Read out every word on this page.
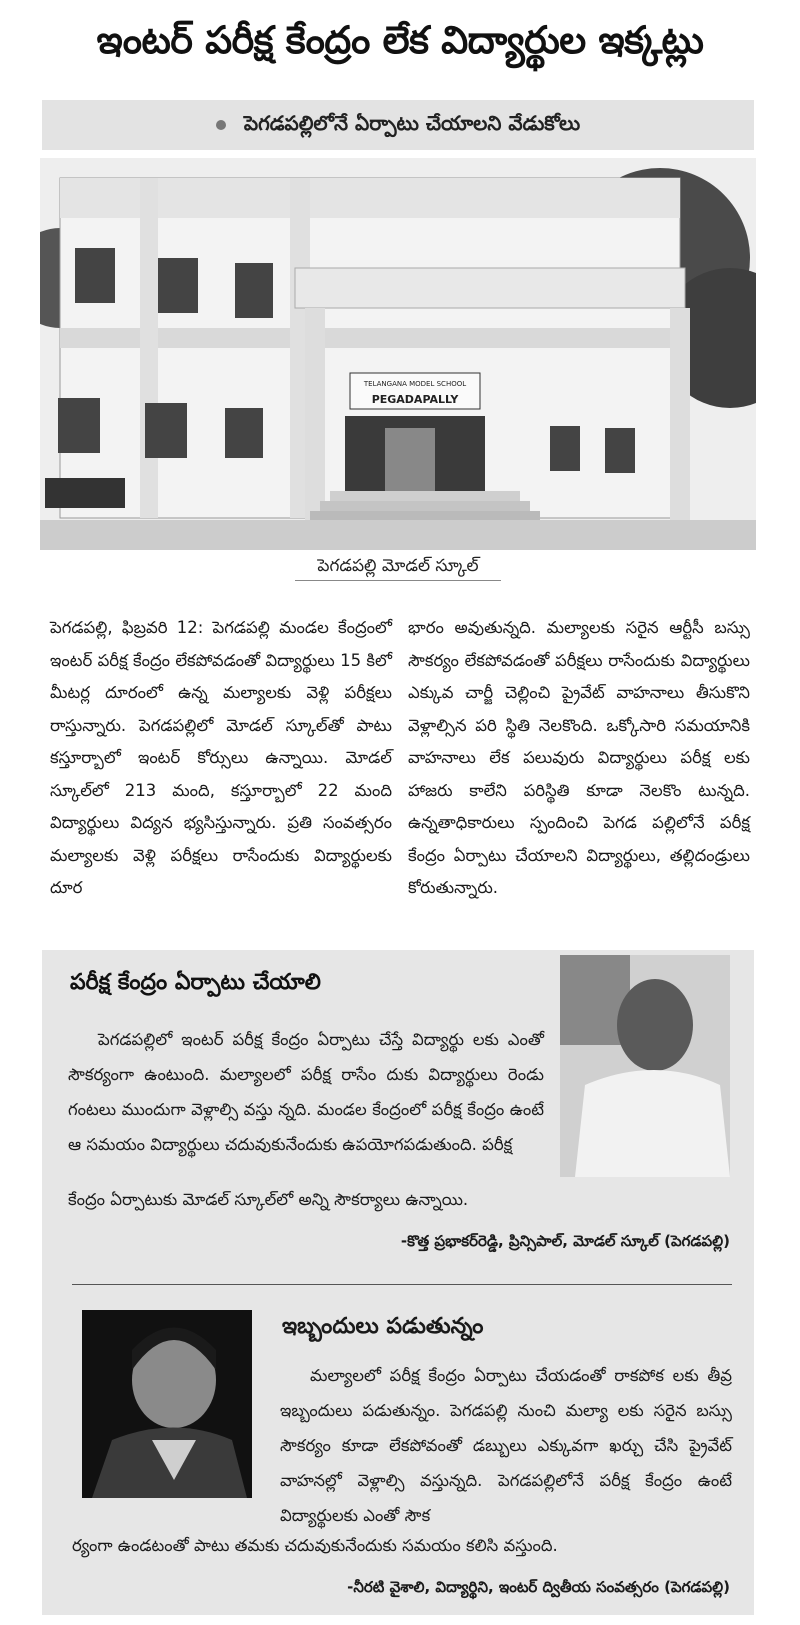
ఇంటర్ పరీక్ష కేంద్రం లేక విద్యార్థుల ఇక్కట్లు
పెగడపల్లిలోనే ఏర్పాటు చేయాలని వేడుకోలు
TELANGANA MODEL SCHOOL
PEGADAPALLY
పెగడపల్లి మోడల్ స్కూల్

పెగడపల్లి, ఫిబ్రవరి 12: పెగడపల్లి మండల కేంద్రంలో ఇంటర్ పరీక్ష కేంద్రం లేకపోవడంతో విద్యార్థులు 15 కిలో మీటర్ల దూరంలో ఉన్న మల్యాలకు వెళ్లి పరీక్షలు రాస్తున్నారు. పెగడపల్లిలో మోడల్ స్కూల్‌తో పాటు కస్తూర్బాలో ఇంటర్ కోర్సులు ఉన్నాయి. మోడల్ స్కూల్‌లో 213 మంది, కస్తూర్బాలో 22 మంది విద్యార్థులు విద్యన భ్యసిస్తున్నారు. ప్రతి సంవత్సరం మల్యాలకు వెళ్లి పరీక్షలు రాసేందుకు విద్యార్థులకు దూర

భారం అవుతున్నది. మల్యాలకు సరైన ఆర్టీసీ బస్సు సౌకర్యం లేకపోవడంతో పరీక్షలు రాసేందుకు విద్యార్థులు ఎక్కువ చార్జీ చెల్లించి ప్రైవేట్ వాహనాలు తీసుకొని వెళ్లాల్సిన పరి స్థితి నెలకొంది. ఒక్కోసారి సమయానికి వాహనాలు లేక పలువురు విద్యార్థులు పరీక్ష లకు హాజరు కాలేని పరిస్థితి కూడా నెలకొం టున్నది. ఉన్నతాధికారులు స్పందించి పెగడ పల్లిలోనే పరీక్ష కేంద్రం ఏర్పాటు చేయాలని విద్యార్థులు, తల్లిదండ్రులు కోరుతున్నారు.

పరీక్ష కేంద్రం ఏర్పాటు చేయాలి
పెగడపల్లిలో ఇంటర్ పరీక్ష కేంద్రం ఏర్పాటు చేస్తే విద్యార్థు లకు ఎంతో సౌకర్యంగా ఉంటుంది. మల్యాలలో పరీక్ష రాసేం దుకు విద్యార్థులు రెండు గంటలు ముందుగా వెళ్లాల్సి వస్తు న్నది. మండల కేంద్రంలో పరీక్ష కేంద్రం ఉంటే ఆ సమయం విద్యార్థులు చదువుకునేందుకు ఉపయోగపడుతుంది. పరీక్ష
కేంద్రం ఏర్పాటుకు మోడల్ స్కూల్‌లో అన్ని సౌకర్యాలు ఉన్నాయి.
-కొత్త ప్రభాకర్‌రెడ్డి, ప్రిన్సిపాల్, మోడల్ స్కూల్ (పెగడపల్లి)
ఇబ్బందులు పడుతున్నం
మల్యాలలో పరీక్ష కేంద్రం ఏర్పాటు చేయడంతో రాకపోక లకు తీవ్ర ఇబ్బందులు పడుతున్నం. పెగడపల్లి నుంచి మల్యా లకు సరైన బస్సు సౌకర్యం కూడా లేకపోవంతో డబ్బులు ఎక్కువగా ఖర్చు చేసి ప్రైవేట్ వాహనల్లో వెళ్లాల్సి వస్తున్నది. పెగడపల్లిలోనే పరీక్ష కేంద్రం ఉంటే విద్యార్థులకు ఎంతో సౌక
ర్యంగా ఉండటంతో పాటు తమకు చదువుకునేందుకు సమయం కలిసి వస్తుంది.
-నీరటి వైశాలి, విద్యార్థిని, ఇంటర్ ద్వితీయ సంవత్సరం (పెగడపల్లి)
